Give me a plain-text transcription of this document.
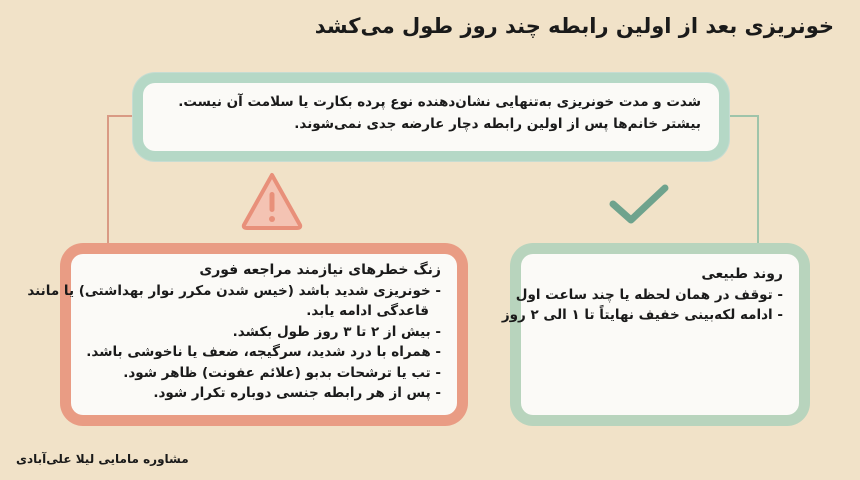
خونریزی بعد از اولین رابطه چند روز طول می‌کشد
شدت و مدت خونریزی به‌تنهایی نشان‌دهنده نوع پرده بکارت یا سلامت آن نیست.
بیشتر خانم‌ها پس از اولین رابطه دچار عارضه جدی نمی‌شوند.
زنگ خطرهای نیازمند مراجعه فوری
- خونریزی شدید باشد (خیس شدن مکرر نوار بهداشتی) یا مانند
قاعدگی ادامه یابد.
- بیش از ۲ تا ۳ روز طول بکشد.
- همراه با درد شدید، سرگیجه، ضعف یا ناخوشی باشد.
- تب یا ترشحات بدبو (علائم عفونت) ظاهر شود.
- پس از هر رابطه جنسی دوباره تکرار شود.
روند طبیعی
- توقف در همان لحظه یا چند ساعت اول
- ادامه لکه‌بینی خفیف نهایتاً تا ۱ الی ۲ روز
مشاوره مامایی لیلا علی‌آبادی
